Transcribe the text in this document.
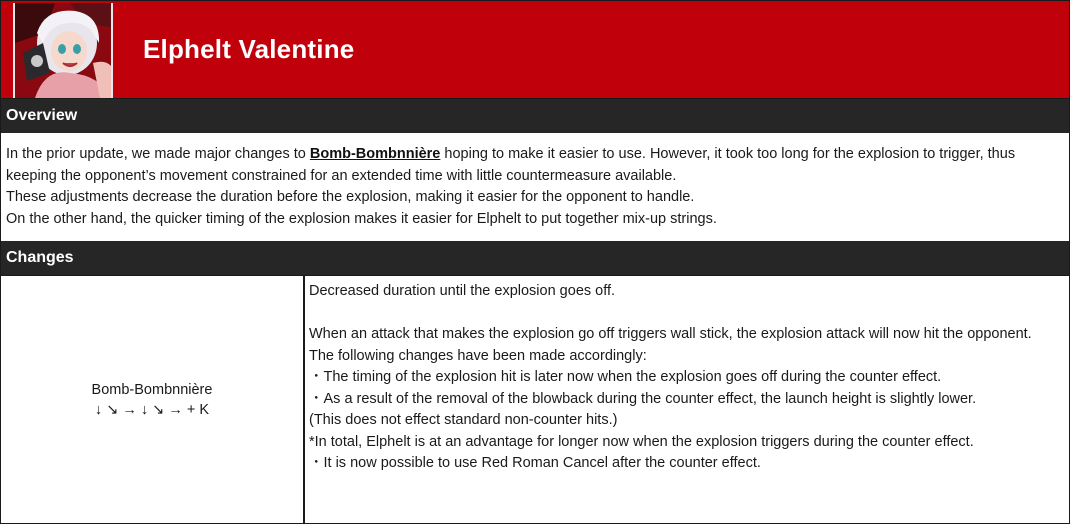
Elphelt Valentine
Overview

In the prior update, we made major changes to Bomb-Bombnnière hoping to make it easier to use. However, it took too long for the explosion to trigger, thus keeping the opponent’s movement constrained for an extended time with little countermeasure available.

These adjustments decrease the duration before the explosion, making it easier for the opponent to handle.

On the other hand, the quicker timing of the explosion makes it easier for Elphelt to put together mix-up strings.

Changes
Bomb-Bombnnière
↓ ↘ → ↓ ↘ → + K

Decreased duration until the explosion goes off.

When an attack that makes the explosion go off triggers wall stick, the explosion attack will now hit the opponent.

The following changes have been made accordingly:

・The timing of the explosion hit is later now when the explosion goes off during the counter effect.

・As a result of the removal of the blowback during the counter effect, the launch height is slightly lower.

(This does not effect standard non-counter hits.)

*In total, Elphelt is at an advantage for longer now when the explosion triggers during the counter effect.

・It is now possible to use Red Roman Cancel after the counter effect.
